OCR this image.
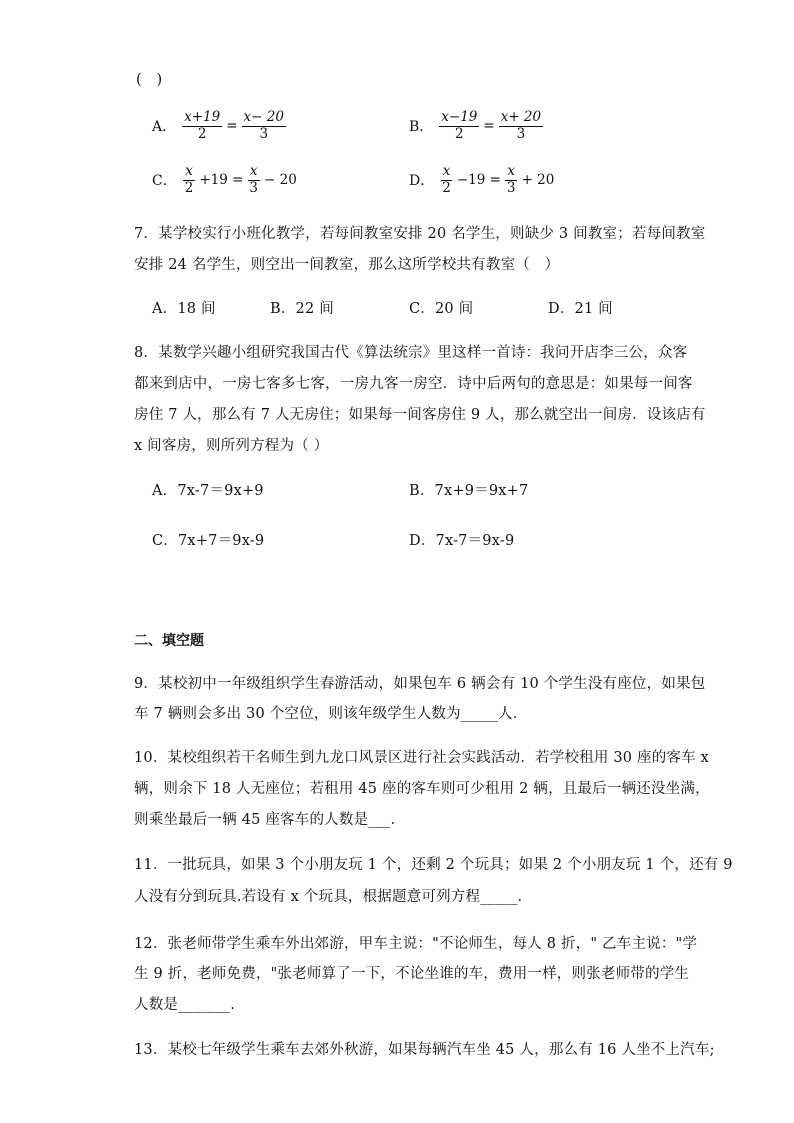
(　)
A． $\frac{x+19}{2} = \frac{x- 20}{3}$	B． $\frac{x-19}{2} = \frac{x+ 20}{3}$
C． $\frac{x}{2} +19 = \frac{x}{3} - 20$	D． $\frac{x}{2} -19 = \frac{x}{3} + 20$
7．某学校实行小班化教学，若每间教室安排 20 名学生，则缺少 3 间教室；若每间教室
安排 24 名学生，则空出一间教室，那么这所学校共有教室（　）
A．18 间	B．22 间	C．20 间	D．21 间
8．某数学兴趣小组研究我国古代《算法统宗》里这样一首诗：我问开店李三公，众客
都来到店中，一房七客多七客，一房九客一房空．诗中后两句的意思是：如果每一间客
房住 7 人，那么有 7 人无房住；如果每一间客房住 9 人，那么就空出一间房．设该店有
x 间客房，则所列方程为（ ）
A．7x-7＝9x+9	B．7x+9＝9x+7
C．7x+7＝9x-9	D．7x-7＝9x-9
二、填空题
9．某校初中一年级组织学生春游活动，如果包车 6 辆会有 10 个学生没有座位，如果包
车 7 辆则会多出 30 个空位，则该年级学生人数为_____人．
10．某校组织若干名师生到九龙口风景区进行社会实践活动．若学校租用 30 座的客车 x
辆，则余下 18 人无座位；若租用 45 座的客车则可少租用 2 辆，且最后一辆还没坐满，
则乘坐最后一辆 45 座客车的人数是___．
11．一批玩具，如果 3 个小朋友玩 1 个，还剩 2 个玩具；如果 2 个小朋友玩 1 个，还有 9
人没有分到玩具.若设有 x 个玩具，根据题意可列方程_____.
12．张老师带学生乘车外出郊游，甲车主说："不论师生，每人 8 折，" 乙车主说："学
生 9 折，老师免费，"张老师算了一下，不论坐谁的车，费用一样，则张老师带的学生
人数是_______.
13．某校七年级学生乘车去郊外秋游，如果每辆汽车坐 45 人，那么有 16 人坐不上汽车;
